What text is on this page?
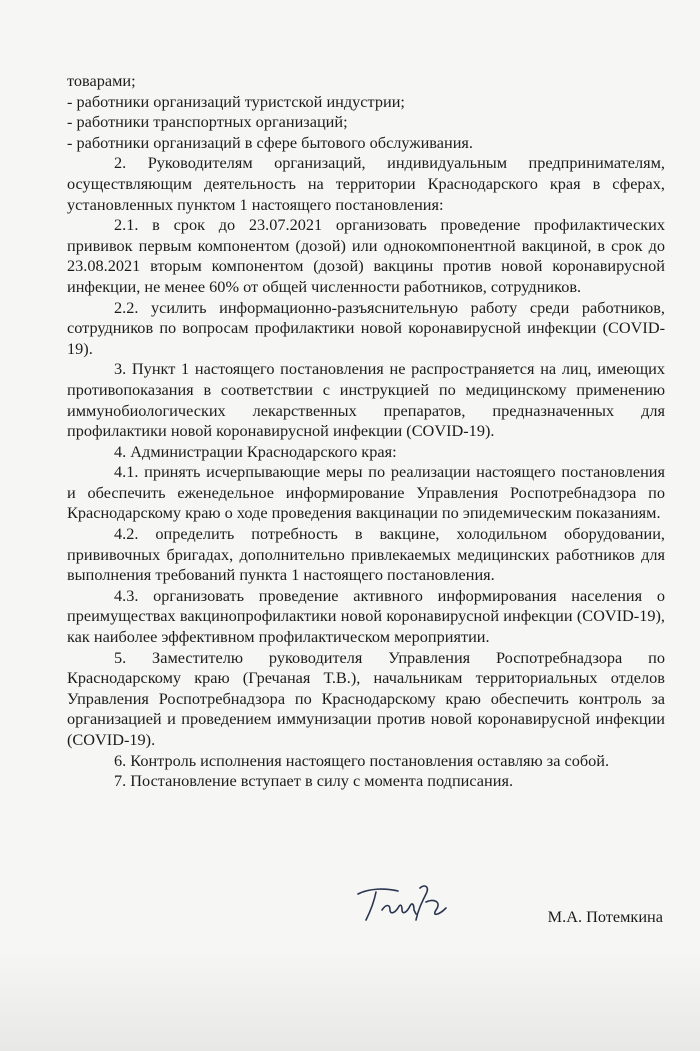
товарами;

- работники организаций туристской индустрии;

- работники транспортных организаций;

- работники организаций в сфере бытового обслуживания.

2. Руководителям организаций, индивидуальным предпринимателям, осуществляющим деятельность на территории Краснодарского края в сферах, установленных пунктом 1 настоящего постановления:

2.1. в срок до 23.07.2021 организовать проведение профилактических прививок первым компонентом (дозой) или однокомпонентной вакциной, в срок до 23.08.2021 вторым компонентом (дозой) вакцины против новой коронавирусной инфекции, не менее 60% от общей численности работников, сотрудников.

2.2. усилить информационно-разъяснительную работу среди работников, сотрудников по вопросам профилактики новой коронавирусной инфекции (COVID-19).

3. Пункт 1 настоящего постановления не распространяется на лиц, имеющих противопоказания в соответствии с инструкцией по медицинскому применению иммунобиологических лекарственных препаратов, предназначенных для профилактики новой коронавирусной инфекции (COVID-19).

4. Администрации Краснодарского края:

4.1. принять исчерпывающие меры по реализации настоящего постановления и обеспечить еженедельное информирование Управления Роспотребнадзора по Краснодарскому краю о ходе проведения вакцинации по эпидемическим показаниям.

4.2. определить потребность в вакцине, холодильном оборудовании, прививочных бригадах, дополнительно привлекаемых медицинских работников для выполнения требований пункта 1 настоящего постановления.

4.3. организовать проведение активного информирования населения о преимуществах вакцинопрофилактики новой коронавирусной инфекции (COVID-19), как наиболее эффективном профилактическом мероприятии.

5. Заместителю руководителя Управления Роспотребнадзора по Краснодарскому краю (Гречаная Т.В.), начальникам территориальных отделов Управления Роспотребнадзора по Краснодарскому краю обеспечить контроль за организацией и проведением иммунизации против новой коронавирусной инфекции (COVID-19).

6. Контроль исполнения настоящего постановления оставляю за собой.

7. Постановление вступает в силу с момента подписания.

М.А. Потемкина
